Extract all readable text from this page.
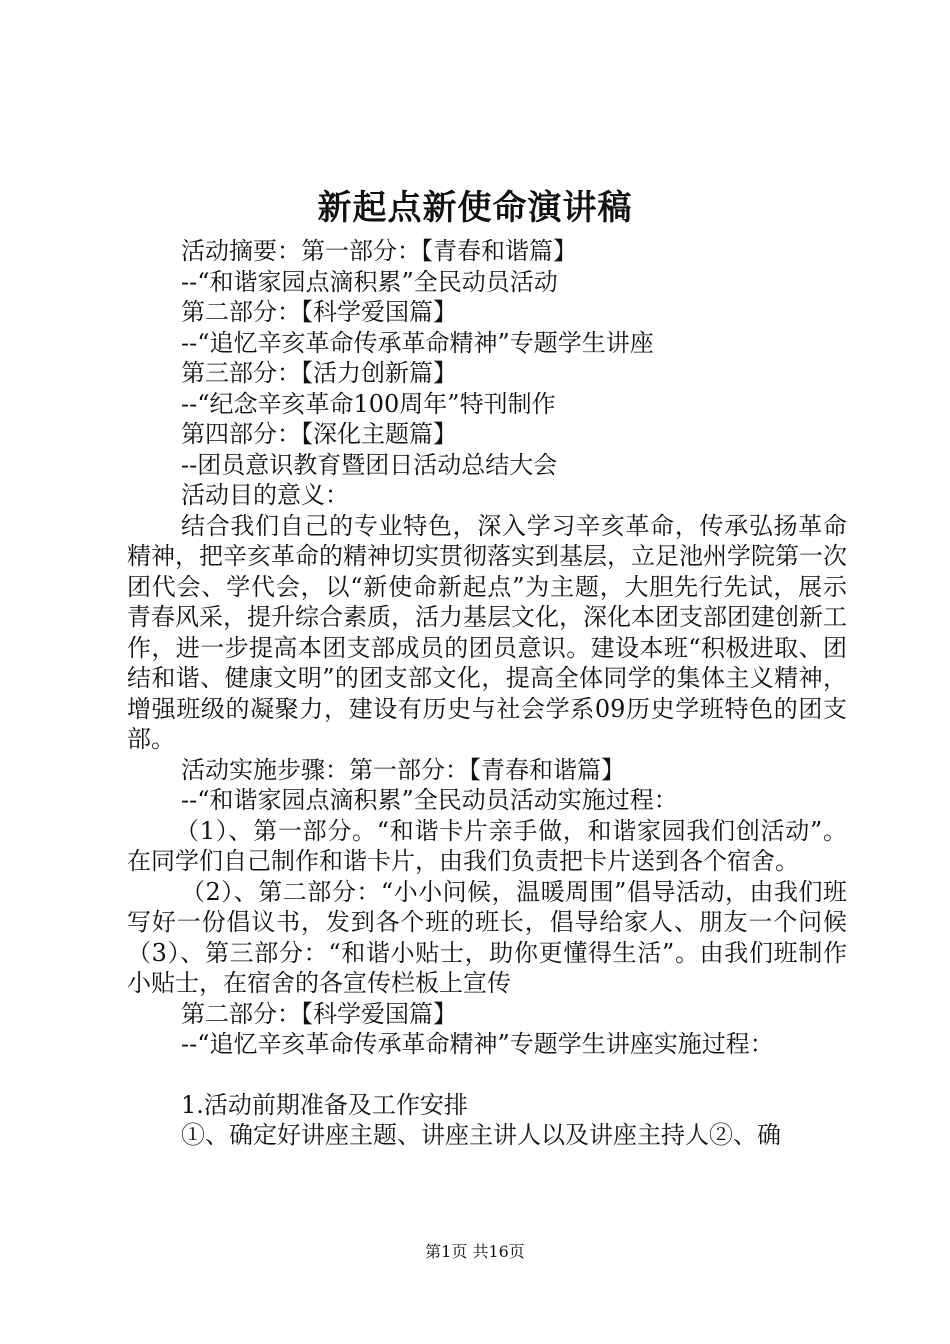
新起点新使命演讲稿

活动摘要：第一部分：【青春和谐篇】

--“和谐家园点滴积累”全民动员活动

第二部分：【科学爱国篇】

--“追忆辛亥革命传承革命精神”专题学生讲座

第三部分：【活力创新篇】

--“纪念辛亥革命100周年”特刊制作

第四部分：【深化主题篇】

--团员意识教育暨团日活动总结大会

活动目的意义：

结合我们自己的专业特色，深入学习辛亥革命，传承弘扬革命精神，把辛亥革命的精神切实贯彻落实到基层，立足池州学院第一次团代会、学代会，以“新使命新起点”为主题，大胆先行先试，展示青春风采，提升综合素质，活力基层文化，深化本团支部团建创新工作，进一步提高本团支部成员的团员意识。建设本班“积极进取、团结和谐、健康文明”的团支部文化，提高全体同学的集体主义精神，增强班级的凝聚力，建设有历史与社会学系09历史学班特色的团支部。

活动实施步骤：第一部分：【青春和谐篇】

--“和谐家园点滴积累”全民动员活动实施过程：

（1）、第一部分。“和谐卡片亲手做，和谐家园我们创活动”。在同学们自己制作和谐卡片，由我们负责把卡片送到各个宿舍。

（2）、第二部分：“小小问候，温暖周围”倡导活动，由我们班写好一份倡议书，发到各个班的班长，倡导给家人、朋友一个问候（3）、第三部分：“和谐小贴士，助你更懂得生活”。由我们班制作小贴士，在宿舍的各宣传栏板上宣传

第二部分：【科学爱国篇】

--“追忆辛亥革命传承革命精神”专题学生讲座实施过程：

1.活动前期准备及工作安排

①、确定好讲座主题、讲座主讲人以及讲座主持人②、确

第1页 共16页
